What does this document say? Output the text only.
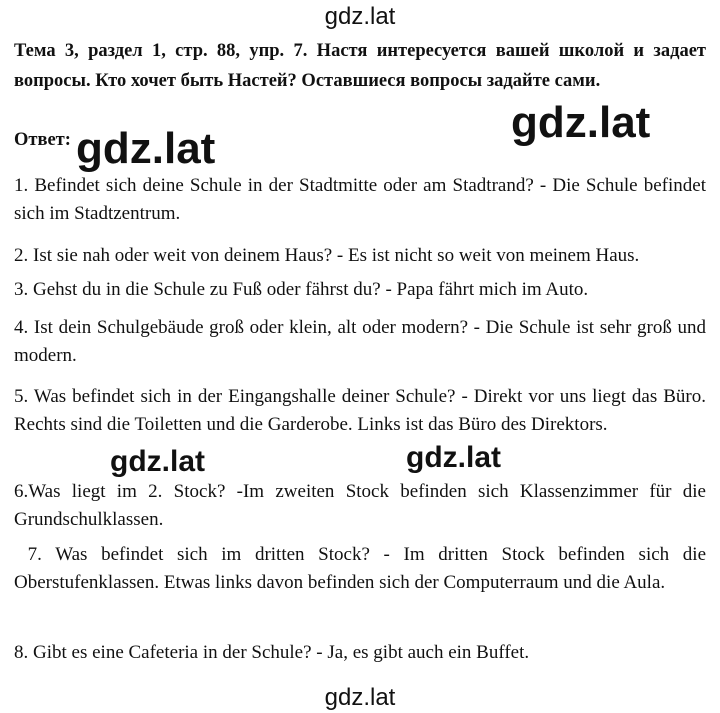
gdz.lat

Тема 3, раздел 1, стр. 88, упр. 7. Настя интересуется вашей школой и задает вопросы. Кто хочет быть Настей? Оставшиеся вопросы задайте сами.

gdz.lat

Ответ: gdz.lat

1. Befindet sich deine Schule in der Stadtmitte oder am Stadtrand? - Die Schule befindet sich im Stadtzentrum.

2. Ist sie nah oder weit von deinem Haus? - Es ist nicht so weit von meinem Haus.

3. Gehst du in die Schule zu Fuß oder fährst du? - Papa fährt mich im Auto.

4. Ist dein Schulgebäude groß oder klein, alt oder modern? - Die Schule ist sehr groß und modern.

5. Was befindet sich in der Eingangshalle deiner Schule? - Direkt vor uns liegt das Büro. Rechts sind die Toiletten und die Garderobe. Links ist das Büro des Direktors.

gdz.lat	gdz.lat

6.Was liegt im 2. Stock? -Im zweiten Stock befinden sich Klassenzimmer für die Grundschulklassen.

7. Was befindet sich im dritten Stock? - Im dritten Stock befinden sich die Oberstufenklassen. Etwas links davon befinden sich der Computerraum und die Aula.

8. Gibt es eine Cafeteria in der Schule? - Ja, es gibt auch ein Buffet.

gdz.lat
